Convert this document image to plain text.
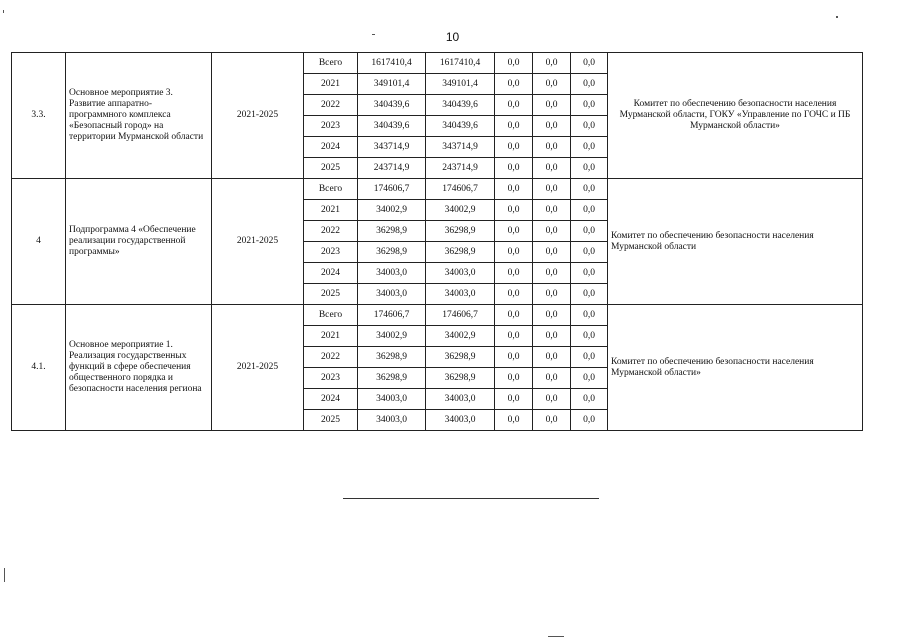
10
3.3.	Основное мероприятие 3. Развитие аппаратно-программного комплекса «Безопасный город» на территории Мурманской области	2021-2025	Всего	1617410,4	1617410,4	0,0	0,0	0,0	Комитет по обеспечению безопасности населения Мурманской области, ГОКУ «Управление по ГОЧС и ПБ Мурманской области»
			2021	349101,4	349101,4	0,0	0,0	0,0	
			2022	340439,6	340439,6	0,0	0,0	0,0	
			2023	340439,6	340439,6	0,0	0,0	0,0	
			2024	343714,9	343714,9	0,0	0,0	0,0	
			2025	243714,9	243714,9	0,0	0,0	0,0	
4	Подпрограмма 4 «Обеспечение реализации государственной программы»	2021-2025	Всего	174606,7	174606,7	0,0	0,0	0,0	Комитет по обеспечению безопасности населения Мурманской области
			2021	34002,9	34002,9	0,0	0,0	0,0	
			2022	36298,9	36298,9	0,0	0,0	0,0	
			2023	36298,9	36298,9	0,0	0,0	0,0	
			2024	34003,0	34003,0	0,0	0,0	0,0	
			2025	34003,0	34003,0	0,0	0,0	0,0	
4.1.	Основное мероприятие 1. Реализация государственных функций в сфере обеспечения общественного порядка и безопасности населения региона	2021-2025	Всего	174606,7	174606,7	0,0	0,0	0,0	Комитет по обеспечению безопасности населения Мурманской области»
			2021	34002,9	34002,9	0,0	0,0	0,0	
			2022	36298,9	36298,9	0,0	0,0	0,0	
			2023	36298,9	36298,9	0,0	0,0	0,0	
			2024	34003,0	34003,0	0,0	0,0	0,0	
			2025	34003,0	34003,0	0,0	0,0	0,0	
